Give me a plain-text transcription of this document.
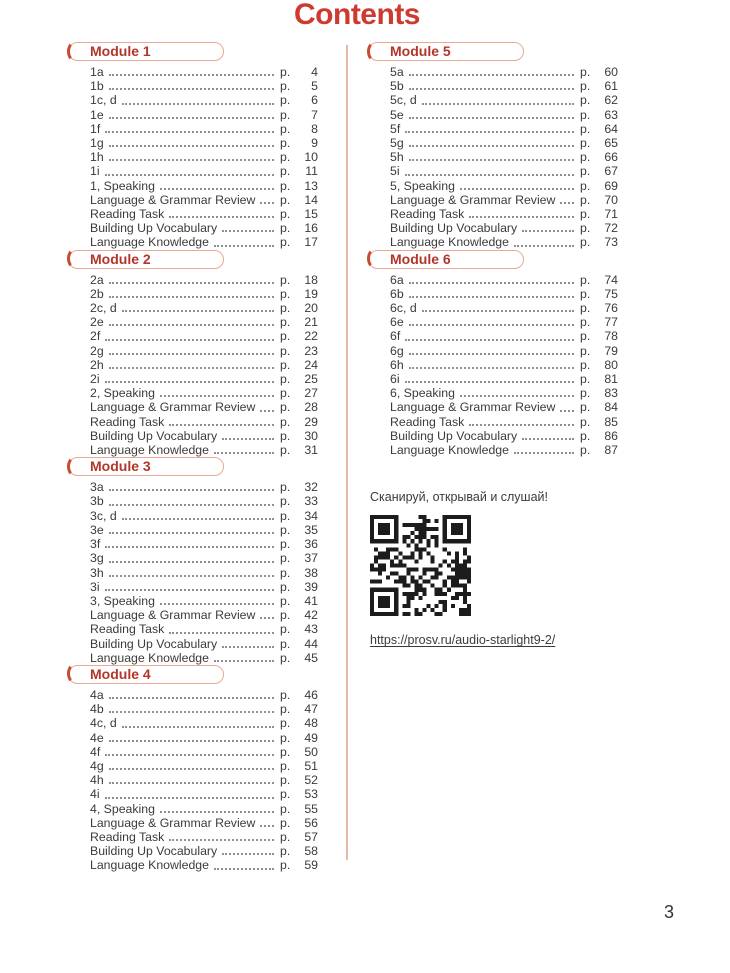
Contents
Module 1
1a	p.	4
1b	p.	5
1c, d	p.	6
1e	p.	7
1f	p.	8
1g	p.	9
1h	p.	10
1i	p.	11
1, Speaking	p.	13
Language & Grammar Review p.	14
Reading Task	p.	15
Building Up Vocabulary	p.	16
Language Knowledge	p.	17
Module 2
2a	p.	18
2b	p.	19
2c, d	p.	20
2e	p.	21
2f	p.	22
2g	p.	23
2h	p.	24
2i	p.	25
2, Speaking	p.	27
Language & Grammar Review p.	28
Reading Task	p.	29
Building Up Vocabulary	p.	30
Language Knowledge	p.	31
Module 3
3a	p.	32
3b	p.	33
3c, d	p.	34
3e	p.	35
3f	p.	36
3g	p.	37
3h	p.	38
3i	p.	39
3, Speaking	p.	41
Language & Grammar Review p.	42
Reading Task	p.	43
Building Up Vocabulary	p.	44
Language Knowledge	p.	45
Module 4
4a	p.	46
4b	p.	47
4c, d	p.	48
4e	p.	49
4f	p.	50
4g	p.	51
4h	p.	52
4i	p.	53
4, Speaking	p.	55
Language & Grammar Review p.	56
Reading Task	p.	57
Building Up Vocabulary	p.	58
Language Knowledge	p.	59
Module 5
5a	p.	60
5b	p.	61
5c, d	p.	62
5e	p.	63
5f	p.	64
5g	p.	65
5h	p.	66
5i	p.	67
5, Speaking	p.	69
Language & Grammar Review p.	70
Reading Task	p.	71
Building Up Vocabulary	p.	72
Language Knowledge	p.	73
Module 6
6a	p.	74
6b	p.	75
6c, d	p.	76
6e	p.	77
6f	p.	78
6g	p.	79
6h	p.	80
6i	p.	81
6, Speaking	p.	83
Language & Grammar Review p.	84
Reading Task	p.	85
Building Up Vocabulary	p.	86
Language Knowledge	p.	87
Сканируй, открывай и слушай!
https://prosv.ru/audio-starlight9-2/
3
